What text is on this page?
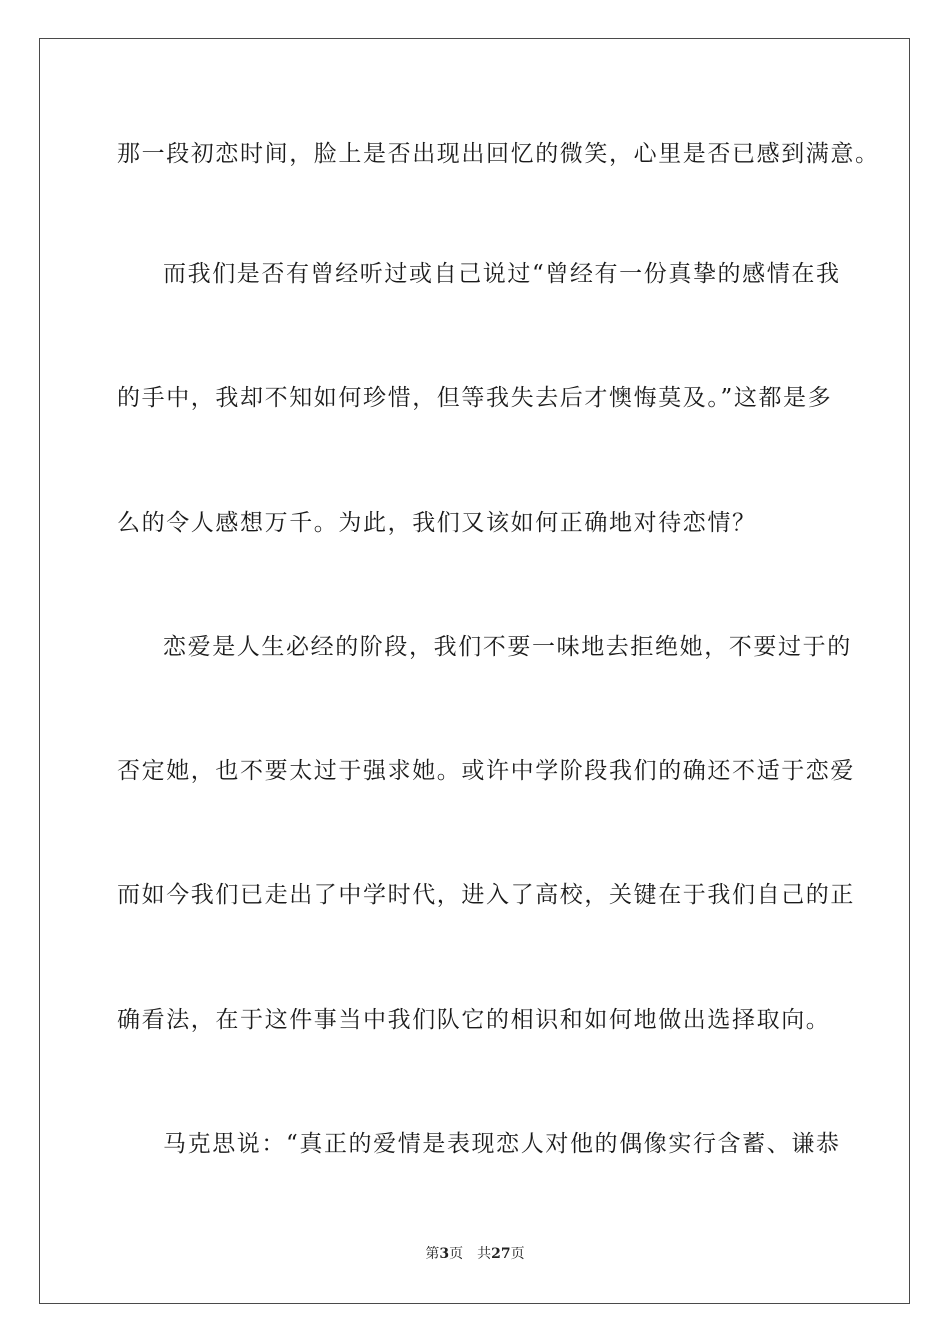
那一段初恋时间，脸上是否出现出回忆的微笑，心里是否已感到满意。
而我们是否有曾经听过或自己说过“曾经有一份真挚的感情在我
的手中，我却不知如何珍惜，但等我失去后才懊悔莫及。”这都是多
么的令人感想万千。为此，我们又该如何正确地对待恋情？
恋爱是人生必经的阶段，我们不要一味地去拒绝她，不要过于的
否定她，也不要太过于强求她。或许中学阶段我们的确还不适于恋爱
而如今我们已走出了中学时代，进入了高校，关键在于我们自己的正
确看法，在于这件事当中我们队它的相识和如何地做出选择取向。
马克思说：“真正的爱情是表现恋人对他的偶像实行含蓄、谦恭
第3页 共27页
